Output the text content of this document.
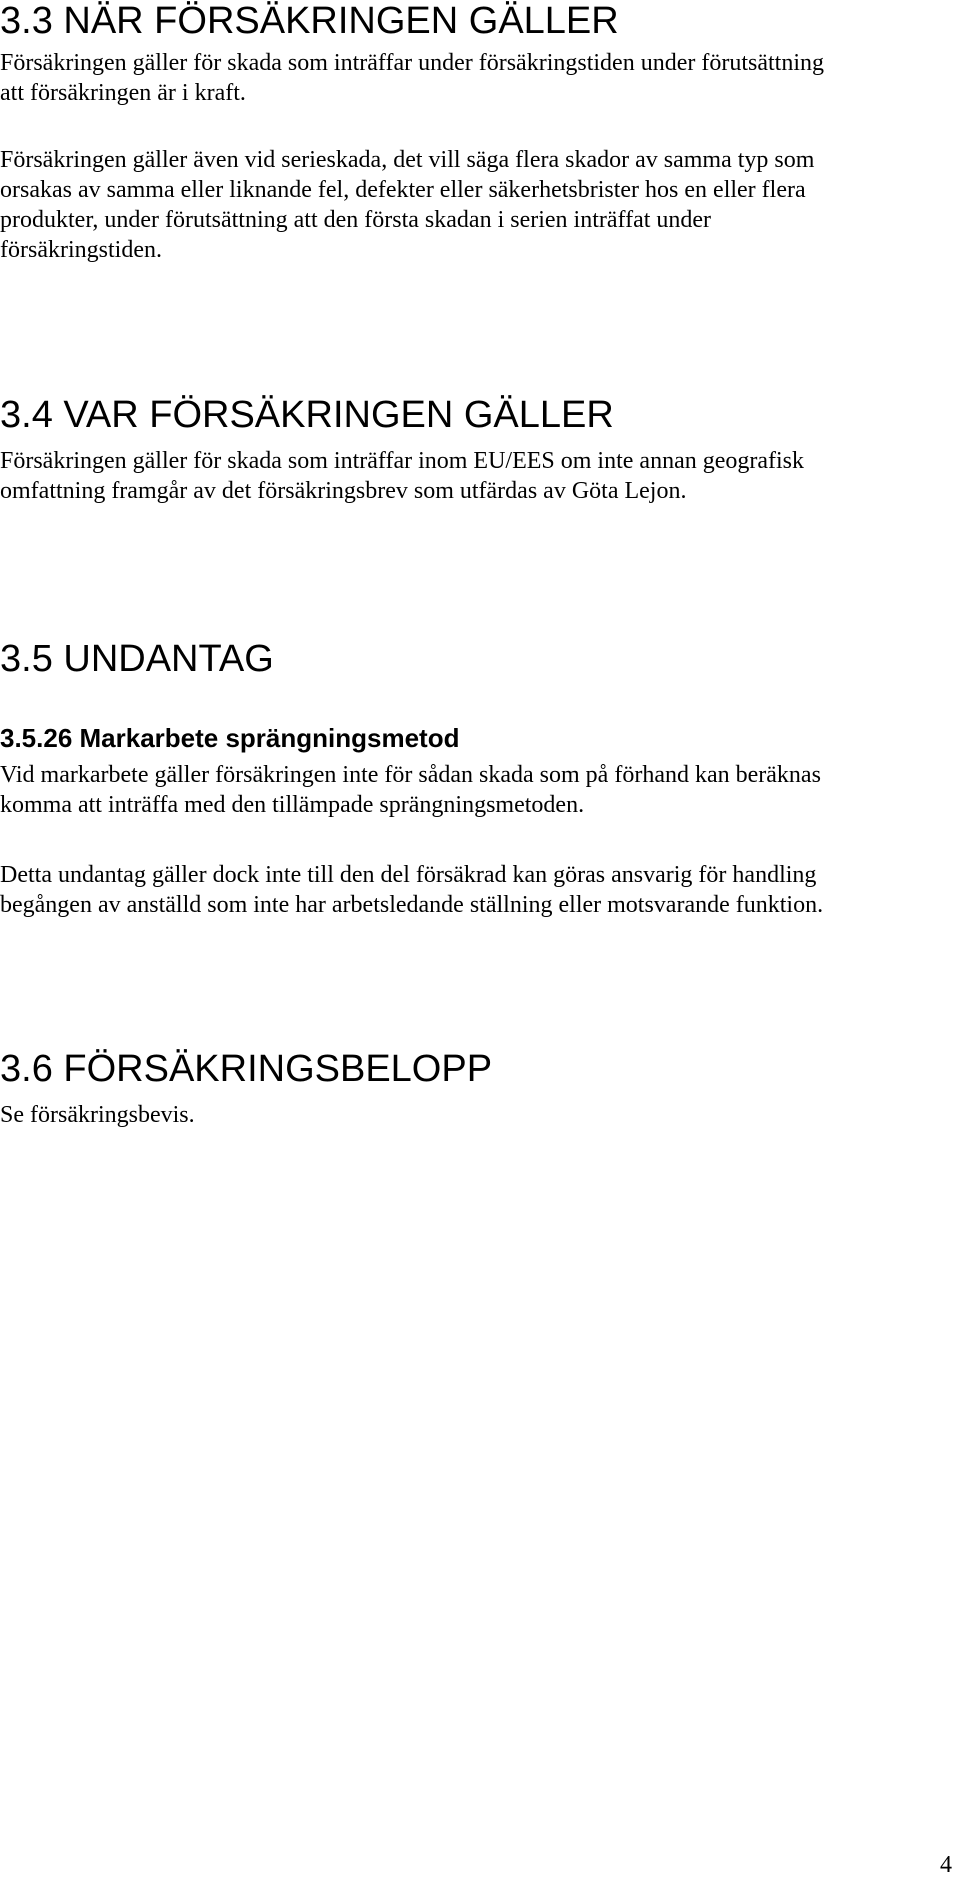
3.3 NÄR FÖRSÄKRINGEN GÄLLER

Försäkringen gäller för skada som inträffar under försäkringstiden under förutsättning
att försäkringen är i kraft.

Försäkringen gäller även vid serieskada, det vill säga flera skador av samma typ som
orsakas av samma eller liknande fel, defekter eller säkerhetsbrister hos en eller flera
produkter, under förutsättning att den första skadan i serien inträffat under
försäkringstiden.

3.4 VAR FÖRSÄKRINGEN GÄLLER

Försäkringen gäller för skada som inträffar inom EU/EES om inte annan geografisk
omfattning framgår av det försäkringsbrev som utfärdas av Göta Lejon.

3.5 UNDANTAG
3.5.26 Markarbete sprängningsmetod

Vid markarbete gäller försäkringen inte för sådan skada som på förhand kan beräknas
komma att inträffa med den tillämpade sprängningsmetoden.

Detta undantag gäller dock inte till den del försäkrad kan göras ansvarig för handling
begången av anställd som inte har arbetsledande ställning eller motsvarande funktion.

3.6 FÖRSÄKRINGSBELOPP

Se försäkringsbevis.

4
